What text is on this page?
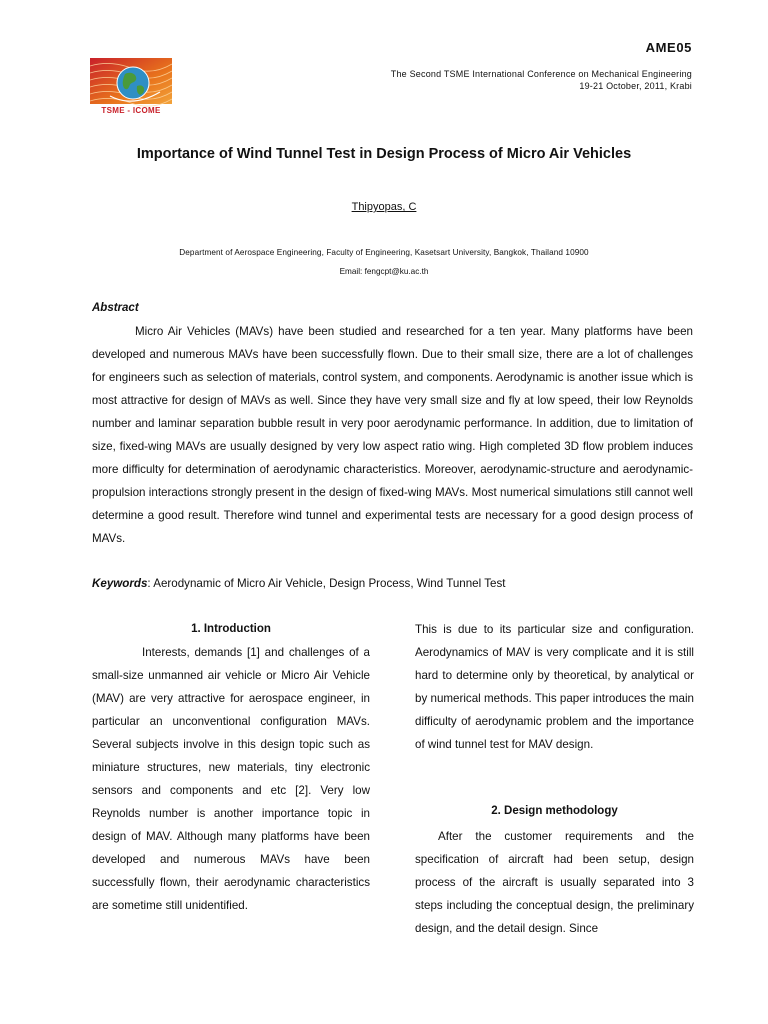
TSME - ICOME
AME05
The Second TSME International Conference on Mechanical Engineering
19-21 October, 2011, Krabi
Importance of Wind Tunnel Test in Design Process of Micro Air Vehicles
Thipyopas, C
Department of Aerospace Engineering, Faculty of Engineering, Kasetsart University, Bangkok, Thailand 10900
Email: fengcpt@ku.ac.th
Abstract

Micro Air Vehicles (MAVs) have been studied and researched for a ten year. Many platforms have been developed and numerous MAVs have been successfully flown. Due to their small size, there are a lot of challenges for engineers such as selection of materials, control system, and components. Aerodynamic is another issue which is most attractive for design of MAVs as well. Since they have very small size and fly at low speed, their low Reynolds number and laminar separation bubble result in very poor aerodynamic performance. In addition, due to limitation of size, fixed-wing MAVs are usually designed by very low aspect ratio wing. High completed 3D flow problem induces more difficulty for determination of aerodynamic characteristics. Moreover, aerodynamic-structure and aerodynamic-propulsion interactions strongly present in the design of fixed-wing MAVs. Most numerical simulations still cannot well determine a good result. Therefore wind tunnel and experimental tests are necessary for a good design process of MAVs.

Keywords: Aerodynamic of Micro Air Vehicle, Design Process, Wind Tunnel Test
1. Introduction

Interests, demands [1] and challenges of a small-size unmanned air vehicle or Micro Air Vehicle (MAV) are very attractive for aerospace engineer, in particular an unconventional configuration MAVs. Several subjects involve in this design topic such as miniature structures, new materials, tiny electronic sensors and components and etc [2]. Very low Reynolds number is another importance topic in design of MAV. Although many platforms have been developed and numerous MAVs have been successfully flown, their aerodynamic characteristics are sometime still unidentified.

This is due to its particular size and configuration. Aerodynamics of MAV is very complicate and it is still hard to determine only by theoretical, by analytical or by numerical methods. This paper introduces the main difficulty of aerodynamic problem and the importance of wind tunnel test for MAV design.

2. Design methodology

After the customer requirements and the specification of aircraft had been setup, design process of the aircraft is usually separated into 3 steps including the conceptual design, the preliminary design, and the detail design. Since
